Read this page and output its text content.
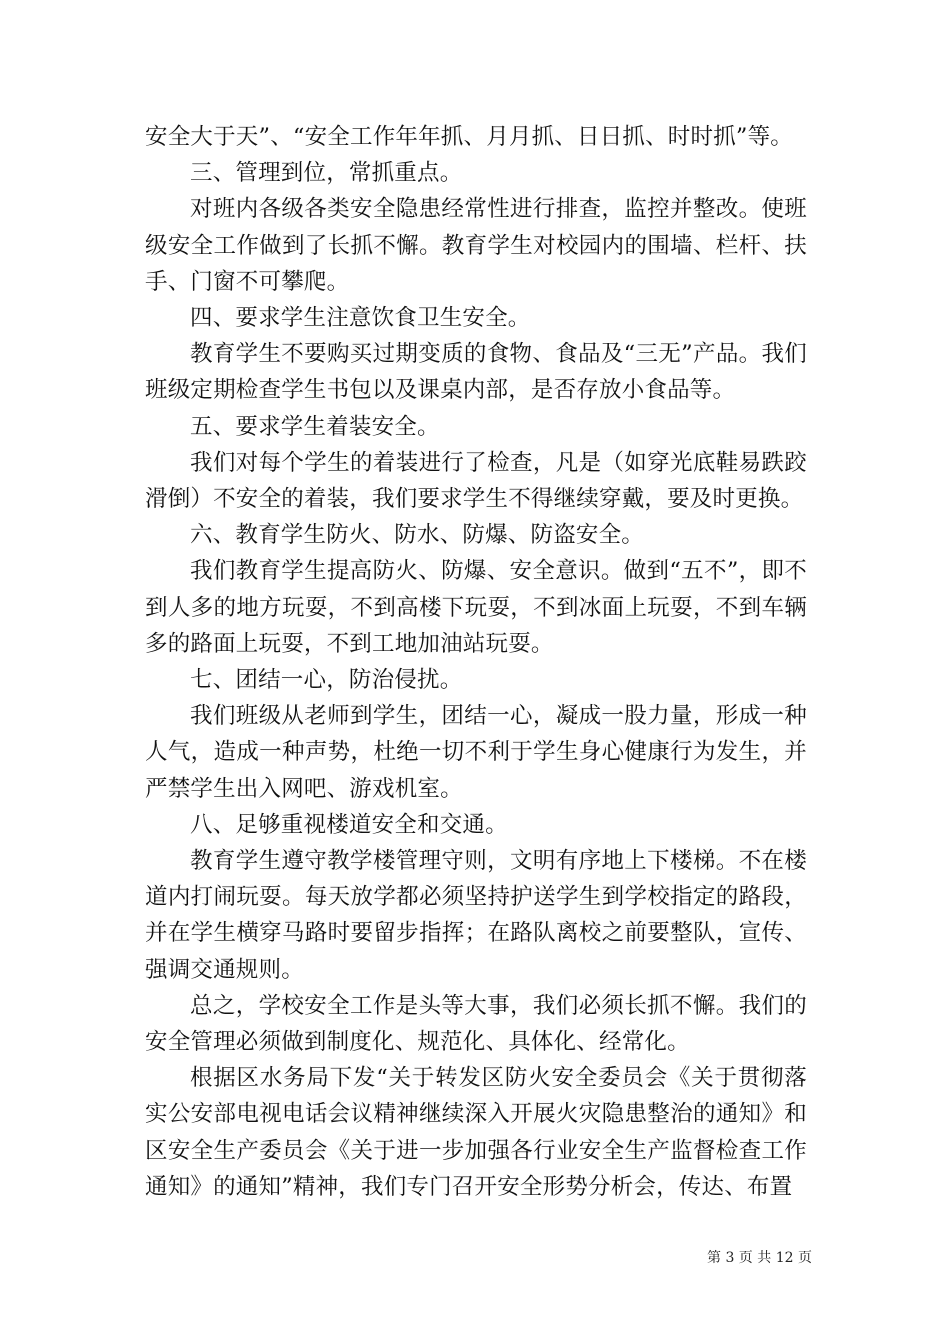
安全大于天”、“安全工作年年抓、月月抓、日日抓、时时抓”等。

三、管理到位，常抓重点。

对班内各级各类安全隐患经常性进行排查，监控并整改。使班级安全工作做到了长抓不懈。教育学生对校园内的围墙、栏杆、扶手、门窗不可攀爬。

四、要求学生注意饮食卫生安全。

教育学生不要购买过期变质的食物、食品及“三无”产品。我们班级定期检查学生书包以及课桌内部，是否存放小食品等。

五、要求学生着装安全。

我们对每个学生的着装进行了检查，凡是（如穿光底鞋易跌跤滑倒）不安全的着装，我们要求学生不得继续穿戴，要及时更换。

六、教育学生防火、防水、防爆、防盗安全。

我们教育学生提高防火、防爆、安全意识。做到“五不”，即不到人多的地方玩耍，不到高楼下玩耍，不到冰面上玩耍，不到车辆多的路面上玩耍，不到工地加油站玩耍。

七、团结一心，防治侵扰。

我们班级从老师到学生，团结一心，凝成一股力量，形成一种人气，造成一种声势，杜绝一切不利于学生身心健康行为发生，并严禁学生出入网吧、游戏机室。

八、足够重视楼道安全和交通。

教育学生遵守教学楼管理守则，文明有序地上下楼梯。不在楼道内打闹玩耍。每天放学都必须坚持护送学生到学校指定的路段，并在学生横穿马路时要留步指挥；在路队离校之前要整队，宣传、强调交通规则。

总之，学校安全工作是头等大事，我们必须长抓不懈。我们的安全管理必须做到制度化、规范化、具体化、经常化。

根据区水务局下发“关于转发区防火安全委员会《关于贯彻落实公安部电视电话会议精神继续深入开展火灾隐患整治的通知》和区安全生产委员会《关于进一步加强各行业安全生产监督检查工作通知》的通知”精神，我们专门召开安全形势分析会，传达、布置

第 3 页 共 12 页
